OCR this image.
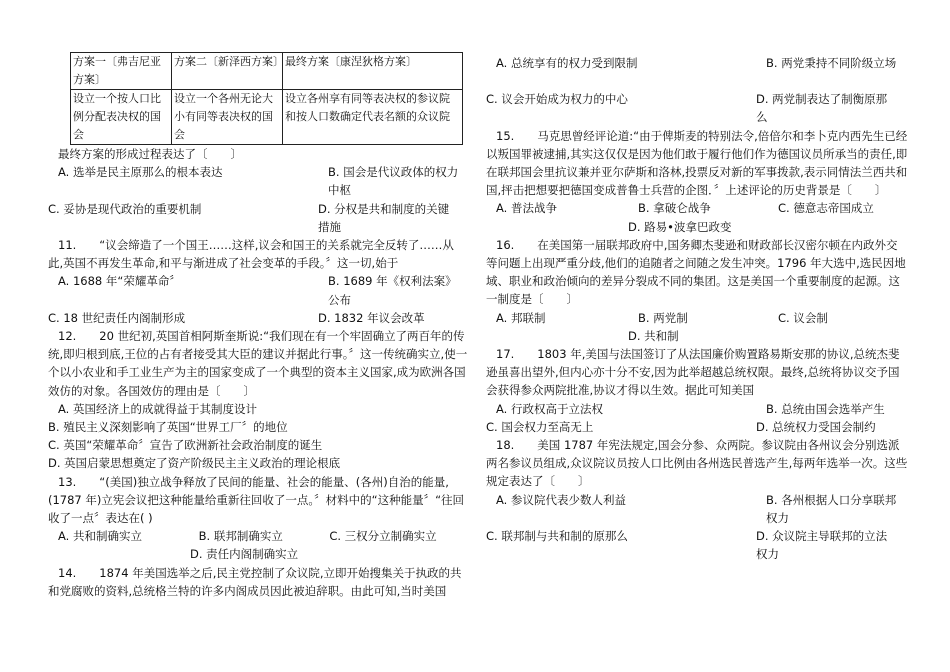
方案一〔弗吉尼亚方案〕	方案二〔新泽西方案〕	最终方案〔康涅狄格方案〕
设立一个按人口比例分配表决权的国会	设立一个各州无论大小有同等表决权的国会	设立各州享有同等表决权的参议院和按人口数确定代表名额的众议院
最终方案的形成过程表达了〔　　〕
A. 选举是民主原那么的根本表达	B. 国会是代议政体的权力中枢
C. 妥协是现代政治的重要机制	D. 分权是共和制度的关键措施

11.　　“议会缔造了一个国王……这样,议会和国王的关系就完全反转了……从此,英国不再发生革命,和平与渐进成了社会变革的手段。〞这一切,始于

A. 1688 年“荣耀革命〞	B. 1689 年《权利法案》公布
C. 18 世纪责任内阁制形成	D. 1832 年议会改革

12.　　20 世纪初,英国首相阿斯奎斯说:“我们现在有一个牢固确立了两百年的传统,即归根到底,王位的占有者接受其大臣的建议并据此行事。〞这一传统确实立,使一个以小农业和手工业生产为主的国家变成了一个典型的资本主义国家,成为欧洲各国效仿的对象。各国效仿的理由是〔　　〕

A. 英国经济上的成就得益于其制度设计
B. 殖民主义深刻影响了英国“世界工厂〞的地位
C. 英国“荣耀革命〞宣告了欧洲新社会政治制度的诞生
D. 英国启蒙思想奠定了资产阶级民主主义政治的理论根底

13.　　“(美国)独立战争释放了民间的能量、社会的能量、(各州)自治的能量,(1787 年)立宪会议把这种能量给重新往回收了一点。〞材料中的“这种能量〞“往回收了一点〞表达在( )

A. 共和制确实立	B. 联邦制确实立	C. 三权分立制确实立
D. 责任内阁制确实立

14.　　1874 年美国选举之后,民主党控制了众议院,立即开始搜集关于执政的共和党腐败的资料,总统格兰特的许多内阁成员因此被迫辞职。由此可知,当时美国

A. 总统享有的权力受到限制	B. 两党秉持不同阶级立场
C. 议会开始成为权力的中心	D. 两党制表达了制衡原那么

15.　　马克思曾经评论道:“由于俾斯麦的特别法令,倍倍尔和李卜克内西先生已经以叛国罪被逮捕,其实这仅仅是因为他们敢于履行他们作为德国议员所承当的责任,即在联邦国会里抗议兼并亚尔萨斯和洛林,投票反对新的军事拨款,表示同情法兰西共和国,抨击把想要把德国变成普鲁士兵营的企图．〞上述评论的历史背景是〔　　〕

A. 普法战争	B. 拿破仑战争	C. 德意志帝国成立
D. 路易•波拿巴政变

16.　　在美国第一届联邦政府中,国务卿杰斐逊和财政部长汉密尔顿在内政外交等问题上出现严重分歧,他们的追随者之间随之发生冲突。1796 年大选中,选民因地域、职业和政治倾向的差异分裂成不同的集团。这是美国一个重要制度的起源。这一制度是〔　　〕

A. 邦联制	B. 两党制	C. 议会制
D. 共和制

17.　　1803 年,美国与法国签订了从法国廉价购置路易斯安那的协议,总统杰斐逊虽喜出望外,但内心亦十分不安,因为此举超越总统权限。最终,总统将协议交予国会获得参众两院批准,协议才得以生效。据此可知美国

A. 行政权高于立法权	B. 总统由国会选举产生
C. 国会权力至高无上	D. 总统权力受国会制约

18.　　美国 1787 年宪法规定,国会分参、众两院。参议院由各州议会分别选派两名参议员组成,众议院议员按人口比例由各州选民普选产生,每两年选举一次。这些规定表达了〔　　〕

A. 参议院代表少数人利益	B. 各州根据人口分享联邦权力
C. 联邦制与共和制的原那么	D. 众议院主导联邦的立法权力
